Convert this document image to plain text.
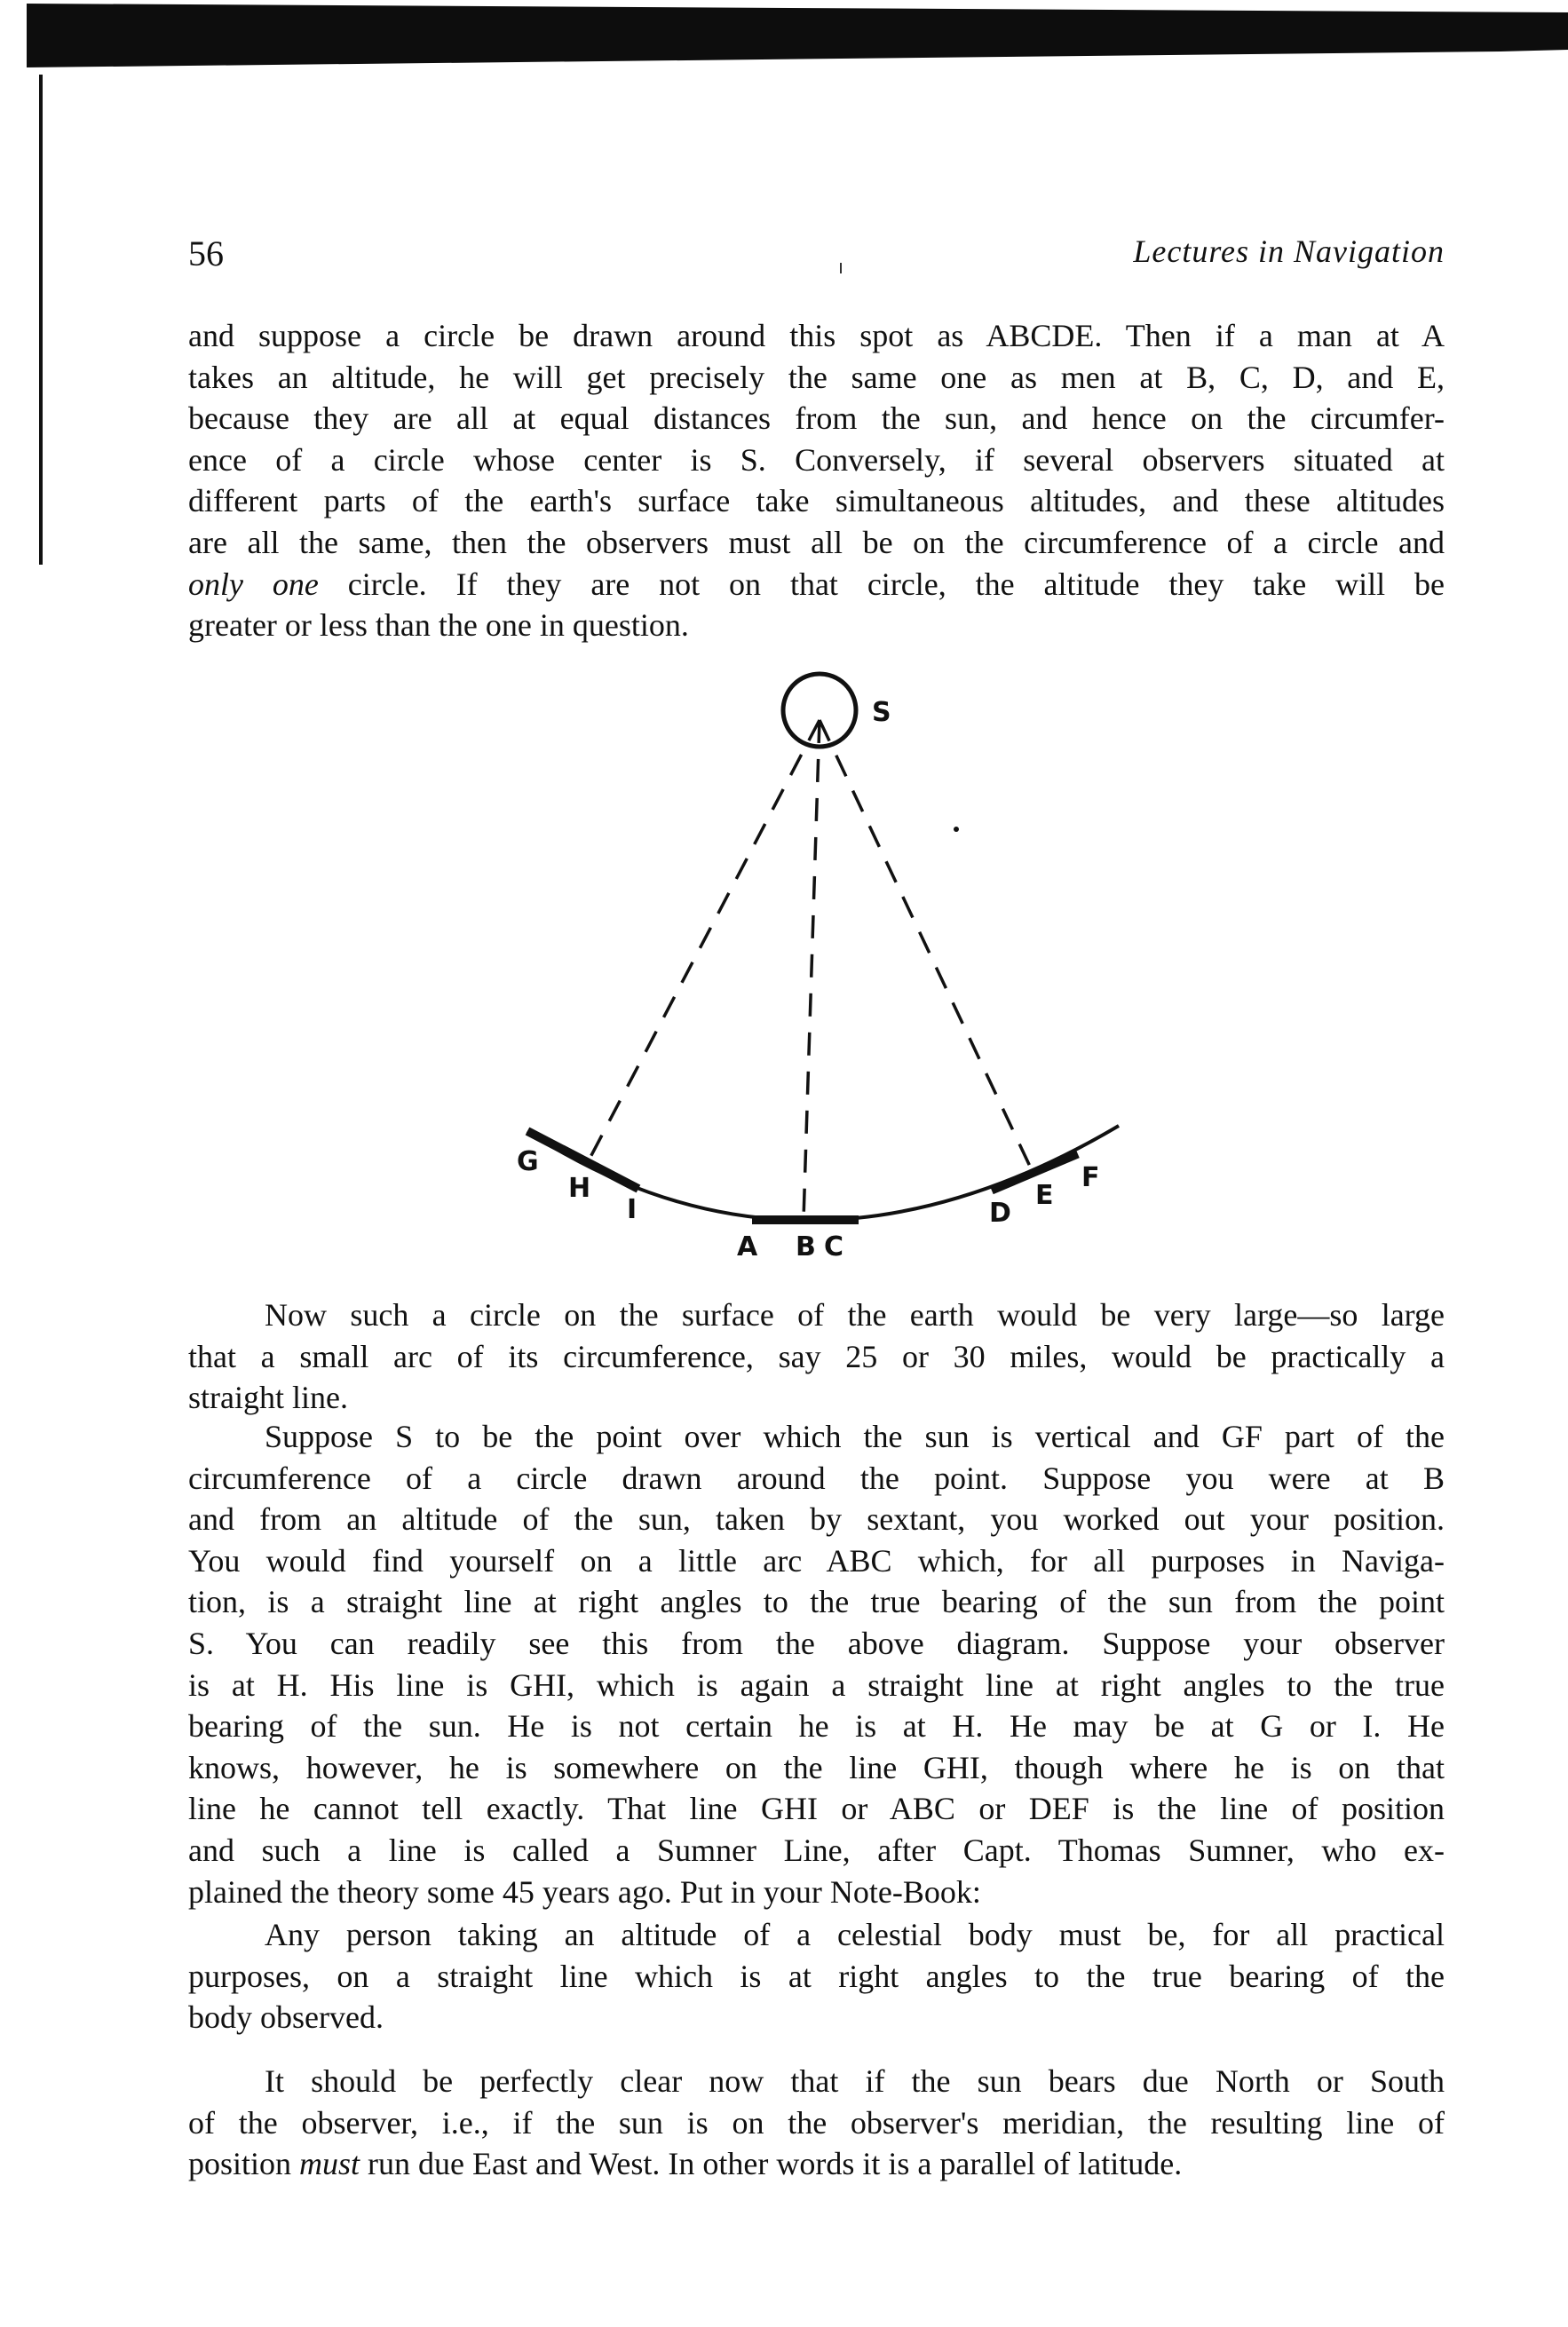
56	Lectures in Navigation
and suppose a circle be drawn around this spot as ABCDE. Then if a man at A
takes an altitude, he will get precisely the same one as men at B, C, D, and E,
because they are all at equal distances from the sun, and hence on the circumfer-
ence of a circle whose center is S. Conversely, if several observers situated at
different parts of the earth's surface take simultaneous altitudes, and these altitudes
are all the same, then the observers must all be on the circumference of a circle and
only one circle. If they are not on that circle, the altitude they take will be
greater or less than the one in question.
Now such a circle on the surface of the earth would be very large—so large
that a small arc of its circumference, say 25 or 30 miles, would be practically a
straight line.
Suppose S to be the point over which the sun is vertical and GF part of the
circumference of a circle drawn around the point. Suppose you were at B
and from an altitude of the sun, taken by sextant, you worked out your position.
You would find yourself on a little arc ABC which, for all purposes in Naviga-
tion, is a straight line at right angles to the true bearing of the sun from the point
S. You can readily see this from the above diagram. Suppose your observer
is at H. His line is GHI, which is again a straight line at right angles to the true
bearing of the sun. He is not certain he is at H. He may be at G or I. He
knows, however, he is somewhere on the line GHI, though where he is on that
line he cannot tell exactly. That line GHI or ABC or DEF is the line of position
and such a line is called a Sumner Line, after Capt. Thomas Sumner, who ex-
plained the theory some 45 years ago. Put in your Note-Book:
Any person taking an altitude of a celestial body must be, for all practical
purposes, on a straight line which is at right angles to the true bearing of the
body observed.
It should be perfectly clear now that if the sun bears due North or South
of the observer, i.e., if the sun is on the observer's meridian, the resulting line of
position must run due East and West. In other words it is a parallel of latitude.
S
G
H
I
A B C
D
E
F
